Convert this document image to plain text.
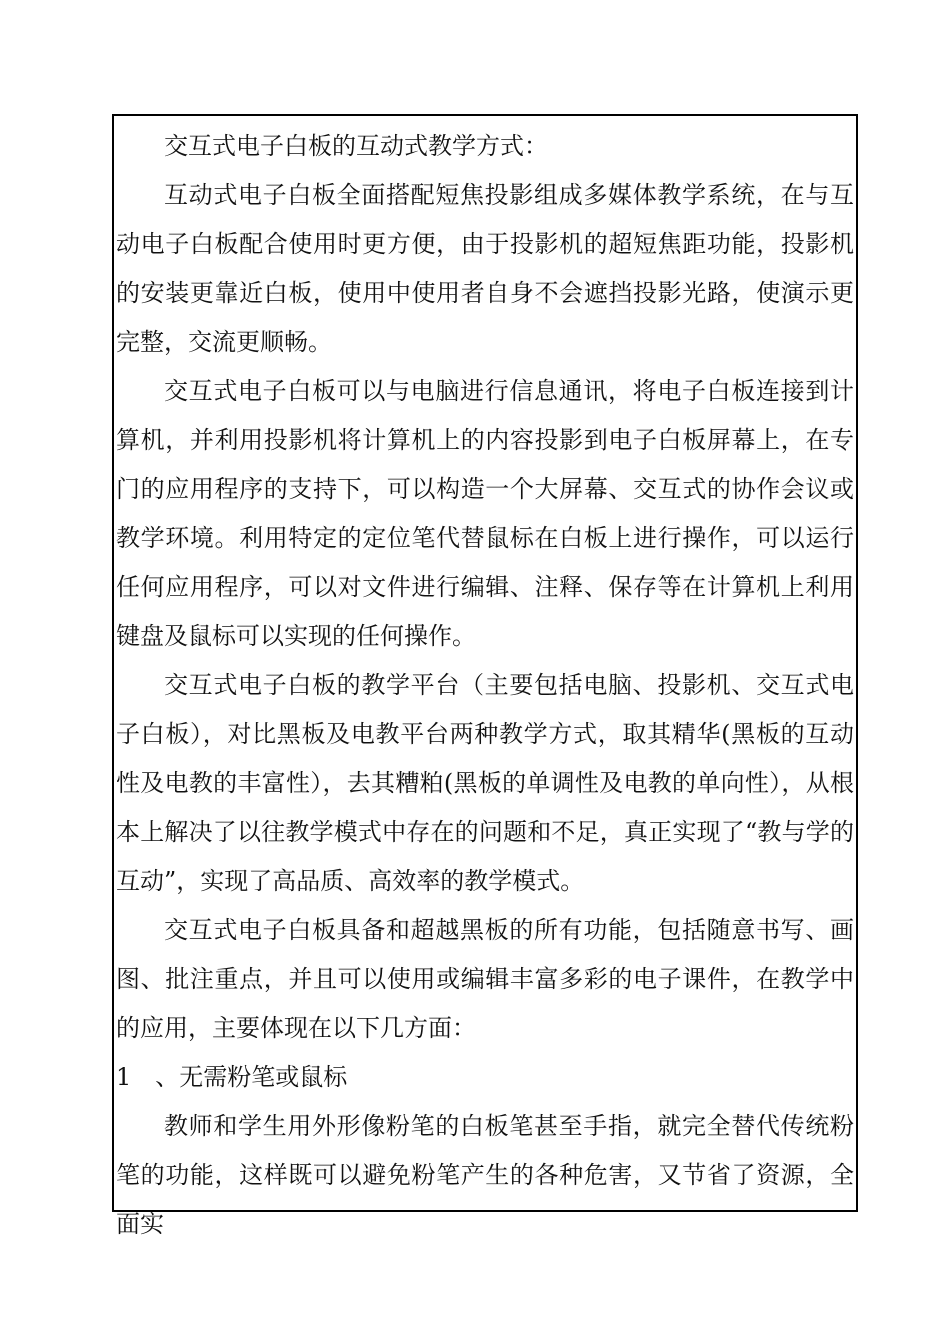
交互式电子白板的互动式教学方式：

互动式电子白板全面搭配短焦投影组成多媒体教学系统，在与互动电子白板配合使用时更方便，由于投影机的超短焦距功能，投影机的安装更靠近白板，使用中使用者自身不会遮挡投影光路，使演示更完整，交流更顺畅。

交互式电子白板可以与电脑进行信息通讯，将电子白板连接到计算机，并利用投影机将计算机上的内容投影到电子白板屏幕上，在专门的应用程序的支持下，可以构造一个大屏幕、交互式的协作会议或教学环境。利用特定的定位笔代替鼠标在白板上进行操作，可以运行任何应用程序，可以对文件进行编辑、注释、保存等在计算机上利用键盘及鼠标可以实现的任何操作。

交互式电子白板的教学平台（主要包括电脑、投影机、交互式电子白板），对比黑板及电教平台两种教学方式，取其精华(黑板的互动性及电教的丰富性），去其糟粕(黑板的单调性及电教的单向性），从根本上解决了以往教学模式中存在的问题和不足，真正实现了“教与学的互动”，实现了高品质、高效率的教学模式。

交互式电子白板具备和超越黑板的所有功能，包括随意书写、画图、批注重点，并且可以使用或编辑丰富多彩的电子课件，在教学中的应用，主要体现在以下几方面：

1　、无需粉笔或鼠标

教师和学生用外形像粉笔的白板笔甚至手指，就完全替代传统粉笔的功能，这样既可以避免粉笔产生的各种危害，又节省了资源，全面实
